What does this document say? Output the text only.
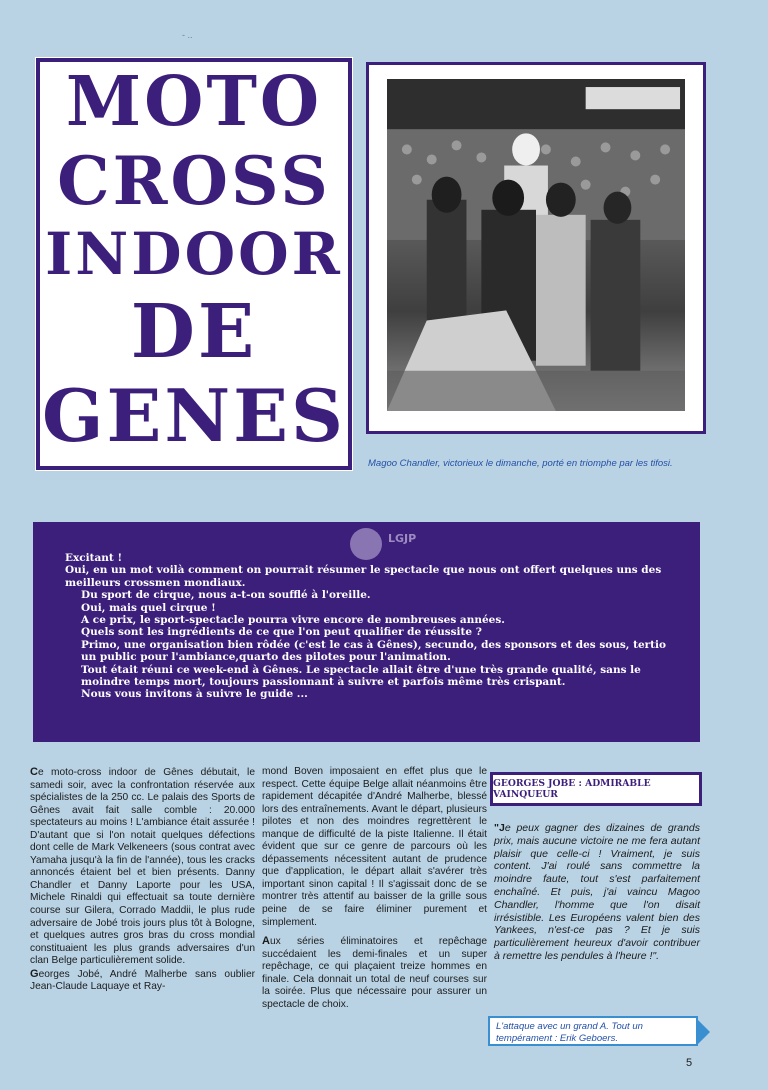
- ..
MOTO
CROSS
INDOOR
DE
GENES
Magoo Chandler, victorieux le dimanche, porté en triomphe par les tifosi.

Excitant !

Oui, en un mot voilà comment on pourrait résumer le spectacle que nous ont offert quelques uns des meilleurs crossmen mondiaux.

Du sport de cirque, nous a-t-on soufflé à l'oreille.

Oui, mais quel cirque !

A ce prix, le sport-spectacle pourra vivre encore de nombreuses années.

Quels sont les ingrédients de ce que l'on peut qualifier de réussite ?

Primo, une organisation bien rôdée (c'est le cas à Gênes), secundo, des sponsors et des sous, tertio un public pour l'ambiance,quarto des pilotes pour l'animation.

Tout était réuni ce week-end à Gênes. Le spectacle allait être d'une très grande qualité, sans le moindre temps mort, toujours passionnant à suivre et parfois même très crispant.

Nous vous invitons à suivre le guide ...

LGJP

Ce moto-cross indoor de Gênes débutait, le samedi soir, avec la confrontation réservée aux spécialistes de la 250 cc. Le palais des Sports de Gênes avait fait salle comble : 20.000 spectateurs au moins ! L'ambiance était assurée ! D'autant que si l'on notait quelques défections dont celle de Mark Velkeneers (sous contrat avec Yamaha jusqu'à la fin de l'année), tous les cracks annoncés étaient bel et bien présents. Danny Chandler et Danny Laporte pour les USA, Michele Rinaldi qui effectuait sa toute dernière course sur Gilera, Corrado Maddii, le plus rude adversaire de Jobé trois jours plus tôt à Bologne, et quelques autres gros bras du cross mondial constituaient les plus grands adversaires d'un clan Belge particulièrement solide.

Georges Jobé, André Malherbe sans oublier Jean-Claude Laquaye et Ray-

mond Boven imposaient en effet plus que le respect. Cette équipe Belge allait néanmoins être rapidement décapitée d'André Malherbe, blessé lors des entraînements. Avant le départ, plusieurs pilotes et non des moindres regrettèrent le manque de difficulté de la piste Italienne. Il était évident que sur ce genre de parcours où les dépassements nécessitent autant de prudence que d'application, le départ allait s'avérer très important sinon capital ! Il s'agissait donc de se montrer très attentif au baisser de la grille sous peine de se faire éliminer purement et simplement.

Aux séries éliminatoires et repêchage succédaient les demi-finales et un super repêchage, ce qui plaçaient treize hommes en finale. Cela donnait un total de neuf courses sur la soirée. Plus que nécessaire pour assurer un spectacle de choix.

GEORGES JOBE : ADMIRABLE VAINQUEUR
"Je peux gagner des dizaines de grands prix, mais aucune victoire ne me fera autant plaisir que celle-ci ! Vraiment, je suis content. J'ai roulé sans commettre la moindre faute, tout s'est parfaitement enchaîné. Et puis, j'ai vaincu Magoo Chandler, l'homme que l'on disait irrésistible. Les Européens valent bien des Yankees, n'est-ce pas ? Et je suis particulièrement heureux d'avoir contribuer à remettre les pendules à l'heure !".
L'attaque avec un grand A. Tout un tempérament : Erik Geboers.
5
